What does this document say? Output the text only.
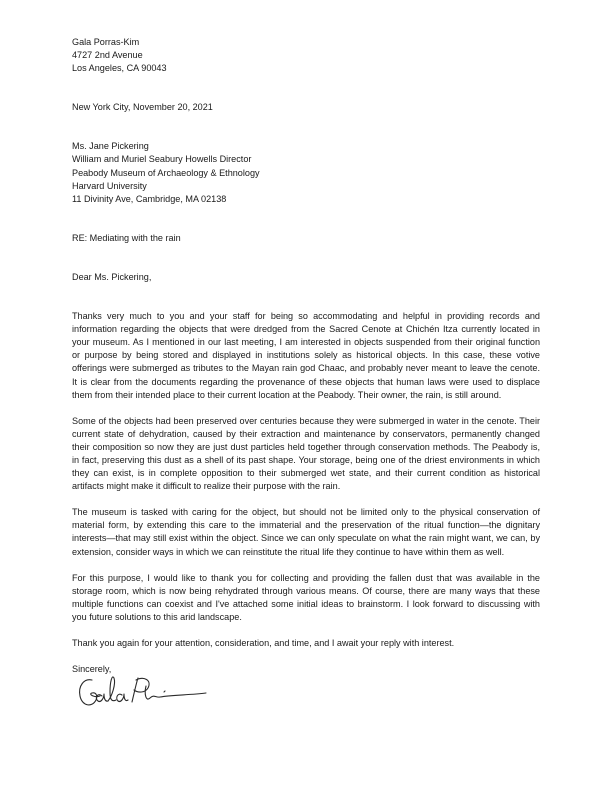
Gala Porras-Kim
4727 2nd Avenue
Los Angeles, CA 90043
New York City, November 20, 2021
Ms. Jane Pickering
William and Muriel Seabury Howells Director
Peabody Museum of Archaeology & Ethnology
Harvard University
11 Divinity Ave, Cambridge, MA 02138
RE: Mediating with the rain
Dear Ms. Pickering,

Thanks very much to you and your staff for being so accommodating and helpful in providing records and information regarding the objects that were dredged from the Sacred Cenote at Chichén Itza currently located in your museum. As I mentioned in our last meeting, I am interested in objects suspended from their original function or purpose by being stored and displayed in institutions solely as historical objects. In this case, these votive offerings were submerged as tributes to the Mayan rain god Chaac, and probably never meant to leave the cenote. It is clear from the documents regarding the provenance of these objects that human laws were used to displace them from their intended place to their current location at the Peabody. Their owner, the rain, is still around.

Some of the objects had been preserved over centuries because they were submerged in water in the cenote. Their current state of dehydration, caused by their extraction and maintenance by conservators, permanently changed their composition so now they are just dust particles held together through conservation methods. The Peabody is, in fact, preserving this dust as a shell of its past shape. Your storage, being one of the driest environments in which they can exist, is in complete opposition to their submerged wet state, and their current condition as historical artifacts might make it difficult to realize their purpose with the rain.

The museum is tasked with caring for the object, but should not be limited only to the physical conservation of material form, by extending this care to the immaterial and the preservation of the ritual function—the dignitary interests—that may still exist within the object. Since we can only speculate on what the rain might want, we can, by extension, consider ways in which we can reinstitute the ritual life they continue to have within them as well.

For this purpose, I would like to thank you for collecting and providing the fallen dust that was available in the storage room, which is now being rehydrated through various means. Of course, there are many ways that these multiple functions can coexist and I've attached some initial ideas to brainstorm. I look forward to discussing with you future solutions to this arid landscape.

Thank you again for your attention, consideration, and time, and I await your reply with interest.

Sincerely,
